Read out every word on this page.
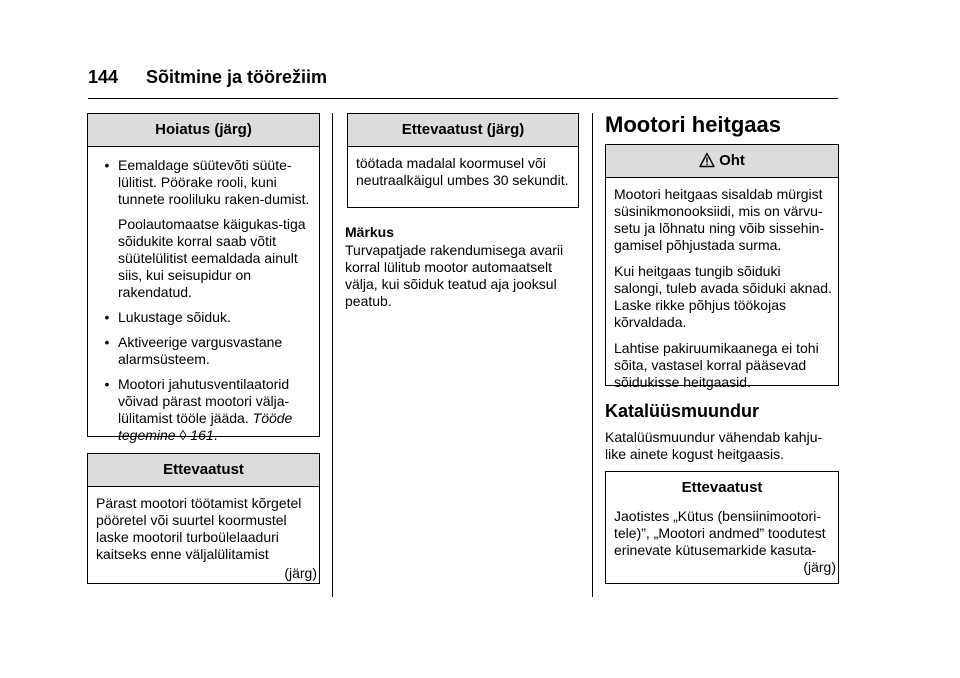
144 Sõitmine ja töörežiim
Hoiatus (järg)
• Eemaldage süütevõti süüte-lülitist. Pöörake rooli, kuni tunnete rooliluku raken-dumist.
Poolautomaatse käigukas-tiga sõidukite korral saab võtit süütelülitist eemaldada ainult siis, kui seisupidur on rakendatud.
• Lukustage sõiduk.
• Aktiveerige vargusvastane alarmsüsteem.
• Mootori jahutusventilaatorid võivad pärast mootori välja-lülitamist tööle jääda. Tööde tegemine ◊ 161.
Ettevaatust
Pärast mootori töötamist kõrgetel pööretel või suurtel koormustel laske mootoril turboülelaaduri kaitseks enne väljalülitamist
(järg)
Ettevaatust (järg)
töötada madalal koormusel või neutraalkäigul umbes 30 sekundit.
Märkus
Turvapatjade rakendumisega avarii korral lülitub mootor automaatselt välja, kui sõiduk teatud aja jooksul peatub.
Mootori heitgaas
Oht

Mootori heitgaas sisaldab mürgist süsinikmonooksiidi, mis on värvu-setu ja lõhnatu ning võib sissehin-gamisel põhjustada surma.

Kui heitgaas tungib sõiduki salongi, tuleb avada sõiduki aknad. Laske rikke põhjus töökojas kõrvaldada.

Lahtise pakiruumikaanega ei tohi sõita, vastasel korral pääsevad sõidukisse heitgaasid.

Katalüüsmuundur
Katalüüsmuundur vähendab kahju-like ainete kogust heitgaasis.
Ettevaatust
Jaotistes „Kütus (bensiinimootori-tele)”, „Mootori andmed” toodutest erinevate kütusemarkide kasuta-
(järg)
